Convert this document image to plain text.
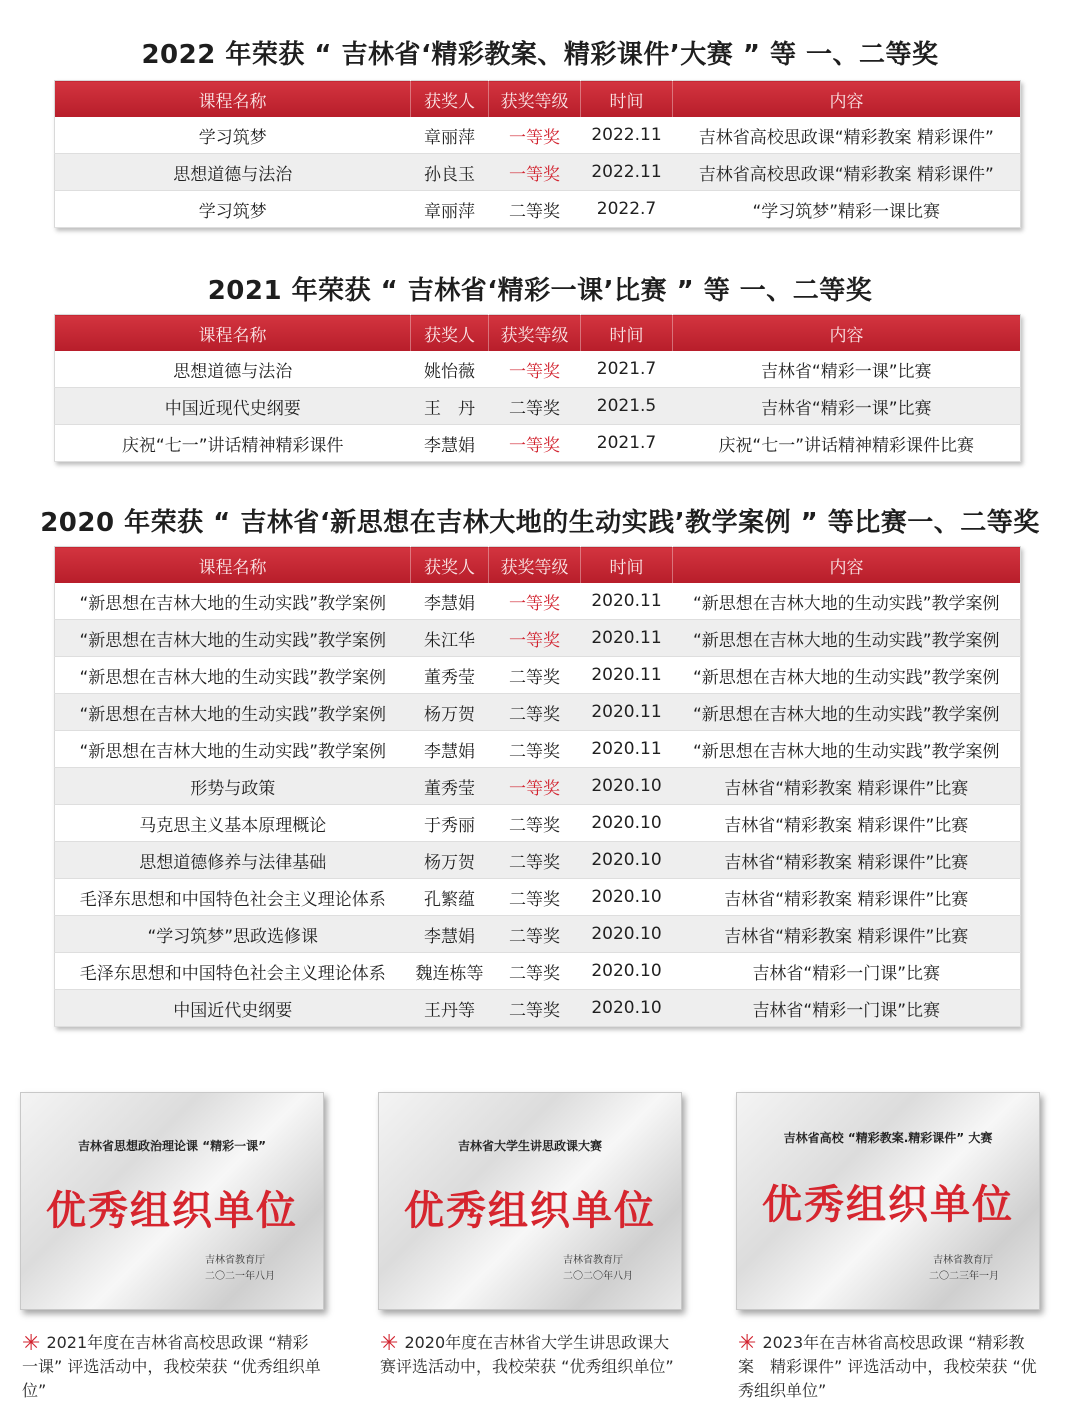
2022 年荣获 “ 吉林省‘精彩教案、精彩课件’大赛 ” 等 一、二等奖
课程名称	获奖人	获奖等级	时间	内容
学习筑梦	章丽萍	一等奖	2022.11	吉林省高校思政课“精彩教案 精彩课件”
思想道德与法治	孙良玉	一等奖	2022.11	吉林省高校思政课“精彩教案 精彩课件”
学习筑梦	章丽萍	二等奖	2022.7	“学习筑梦”精彩一课比赛
2021 年荣获 “ 吉林省‘精彩一课’比赛 ” 等 一、二等奖
课程名称	获奖人	获奖等级	时间	内容
思想道德与法治	姚怡薇	一等奖	2021.7	吉林省“精彩一课”比赛
中国近现代史纲要	王　丹	二等奖	2021.5	吉林省“精彩一课”比赛
庆祝“七一”讲话精神精彩课件	李慧娟	一等奖	2021.7	庆祝“七一”讲话精神精彩课件比赛
2020 年荣获 “ 吉林省‘新思想在吉林大地的生动实践’教学案例 ” 等比赛一、二等奖
课程名称	获奖人	获奖等级	时间	内容
“新思想在吉林大地的生动实践”教学案例	李慧娟	一等奖	2020.11	“新思想在吉林大地的生动实践”教学案例
“新思想在吉林大地的生动实践”教学案例	朱江华	一等奖	2020.11	“新思想在吉林大地的生动实践”教学案例
“新思想在吉林大地的生动实践”教学案例	董秀莹	二等奖	2020.11	“新思想在吉林大地的生动实践”教学案例
“新思想在吉林大地的生动实践”教学案例	杨万贺	二等奖	2020.11	“新思想在吉林大地的生动实践”教学案例
“新思想在吉林大地的生动实践”教学案例	李慧娟	二等奖	2020.11	“新思想在吉林大地的生动实践”教学案例
形势与政策	董秀莹	一等奖	2020.10	吉林省“精彩教案 精彩课件”比赛
马克思主义基本原理概论	于秀丽	二等奖	2020.10	吉林省“精彩教案 精彩课件”比赛
思想道德修养与法律基础	杨万贺	二等奖	2020.10	吉林省“精彩教案 精彩课件”比赛
毛泽东思想和中国特色社会主义理论体系	孔繁蕴	二等奖	2020.10	吉林省“精彩教案 精彩课件”比赛
“学习筑梦”思政选修课	李慧娟	二等奖	2020.10	吉林省“精彩教案 精彩课件”比赛
毛泽东思想和中国特色社会主义理论体系	魏连栋等	二等奖	2020.10	吉林省“精彩一门课”比赛
中国近代史纲要	王丹等	二等奖	2020.10	吉林省“精彩一门课”比赛
吉林省思想政治理论课 “精彩一课”
优秀组织单位
吉林省教育厅
二〇二一年八月
吉林省大学生讲思政课大赛
优秀组织单位
吉林省教育厅
二〇二〇年八月
吉林省高校 “精彩教案.精彩课件” 大赛
优秀组织单位
吉林省教育厅
二〇二三年一月
✳ 2021年度在吉林省高校思政课 “精彩一课” 评选活动中，我校荣获 “优秀组织单位”
✳ 2020年度在吉林省大学生讲思政课大赛评选活动中，我校荣获 “优秀组织单位”
✳ 2023年在吉林省高校思政课 “精彩教案　精彩课件” 评选活动中，我校荣获 “优秀组织单位”
